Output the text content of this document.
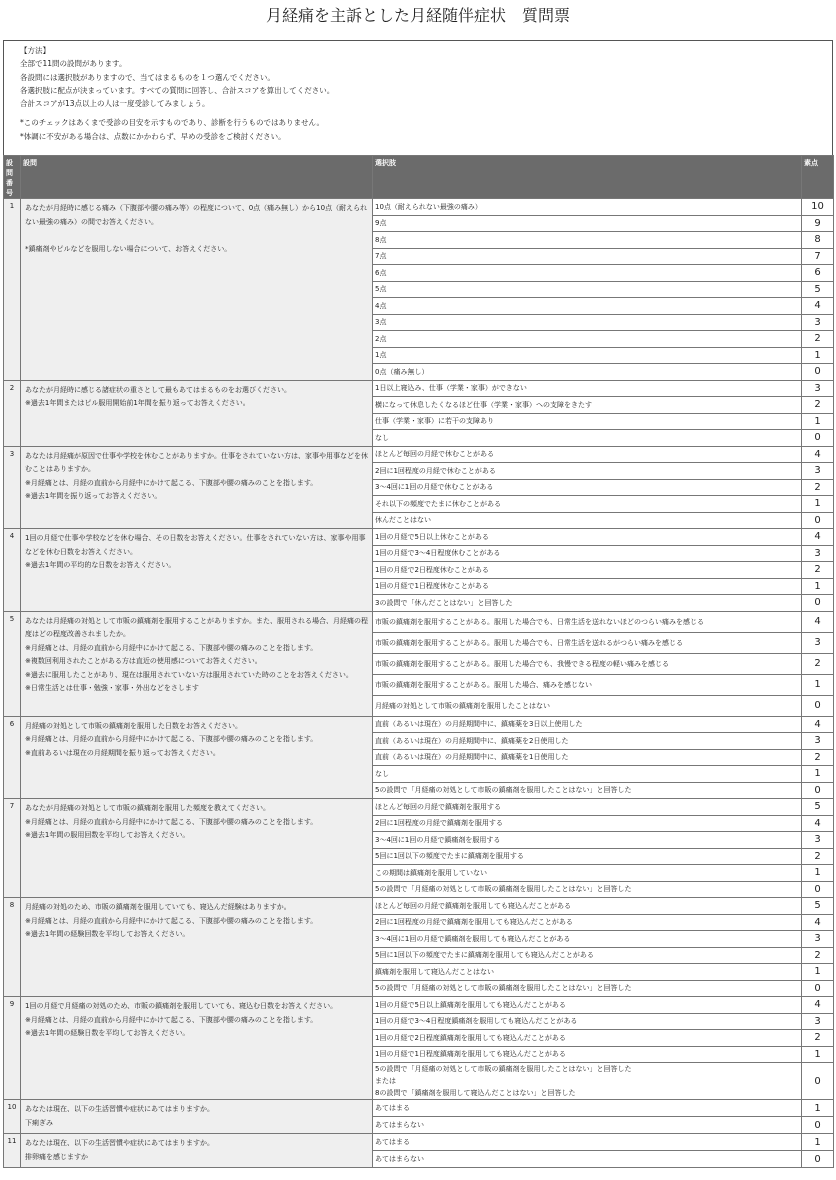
月経痛を主訴とした月経随伴症状　質問票
【方法】
全部で11問の設問があります。
各設問には選択肢がありますので、当てはまるものを１つ選んでください。
各選択肢に配点が決まっています。すべての質問に回答し、合計スコアを算出してください。
合計スコアが13点以上の人は一度受診してみましょう。
*このチェックはあくまで受診の目安を示すものであり、診断を行うものではありません。
*体調に不安がある場合は、点数にかかわらず、早めの受診をご検討ください。
設問番号	設問	選択肢	素点
1	あなたが月経時に感じる痛み（下腹部や腰の痛み等）の程度について、0点（痛み無し）から10点（耐えられない最強の痛み）の間でお答えください。

*鎮痛剤やピルなどを服用しない場合について、お答えください。	10点（耐えられない最強の痛み）	10
		9点	9
		8点	8
		7点	7
		6点	6
		5点	5
		4点	4
		3点	3
		2点	2
		1点	1
		0点（痛み無し）	0
2	あなたが月経時に感じる諸症状の重さとして最もあてはまるものをお選びください。
※過去1年間またはピル服用開始前1年間を振り返ってお答えください。	1日以上寝込み、仕事（学業・家事）ができない	3
		横になって休息したくなるほど仕事（学業・家事）への支障をきたす	2
		仕事（学業・家事）に若干の支障あり	1
		なし	0
3	あなたは月経痛が原因で仕事や学校を休むことがありますか。仕事をされていない方は、家事や用事などを休むことはありますか。
※月経痛とは、月経の直前から月経中にかけて起こる、下腹部や腰の痛みのことを指します。
※過去1年間を振り返ってお答えください。	ほとんど毎回の月経で休むことがある	4
		2回に1回程度の月経で休むことがある	3
		3～4回に1回の月経で休むことがある	2
		それ以下の頻度でたまに休むことがある	1
		休んだことはない	0
4	1回の月経で仕事や学校などを休む場合、その日数をお答えください。仕事をされていない方は、家事や用事などを休む日数をお答えください。
※過去1年間の平均的な日数をお答えください。	1回の月経で5日以上休むことがある	4
		1回の月経で3～4日程度休むことがある	3
		1回の月経で2日程度休むことがある	2
		1回の月経で1日程度休むことがある	1
		3の設問で「休んだことはない」と回答した	0
5	あなたは月経痛の対処として市販の鎮痛剤を服用することがありますか。また、服用される場合、月経痛の程度はどの程度改善されましたか。
※月経痛とは、月経の直前から月経中にかけて起こる、下腹部や腰の痛みのことを指します。
※複数回利用されたことがある方は直近の使用感についてお答えください。
※過去に服用したことがあり、現在は服用されていない方は服用されていた時のことをお答えください。
※日常生活とは仕事・勉強・家事・外出などをさします	市販の鎮痛剤を服用することがある。服用した場合でも、日常生活を送れないほどのつらい痛みを感じる	4
		市販の鎮痛剤を服用することがある。服用した場合でも、日常生活を送れるがつらい痛みを感じる	3
		市販の鎮痛剤を服用することがある。服用した場合でも、我慢できる程度の軽い痛みを感じる	2
		市販の鎮痛剤を服用することがある。服用した場合、痛みを感じない	1
		月経痛の対処として市販の鎮痛剤を服用したことはない	0
6	月経痛の対処として市販の鎮痛剤を服用した日数をお答えください。
※月経痛とは、月経の直前から月経中にかけて起こる、下腹部や腰の痛みのことを指します。
※直前あるいは現在の月経期間を振り返ってお答えください。	直前（あるいは現在）の月経期間中に、鎮痛薬を3日以上使用した	4
		直前（あるいは現在）の月経期間中に、鎮痛薬を2日使用した	3
		直前（あるいは現在）の月経期間中に、鎮痛薬を1日使用した	2
		なし	1
		5の設問で「月経痛の対処として市販の鎮痛剤を服用したことはない」と回答した	0
7	あなたが月経痛の対処として市販の鎮痛剤を服用した頻度を教えてください。
※月経痛とは、月経の直前から月経中にかけて起こる、下腹部や腰の痛みのことを指します。
※過去1年間の服用回数を平均してお答えください。	ほとんど毎回の月経で鎮痛剤を服用する	5
		2回に1回程度の月経で鎮痛剤を服用する	4
		3～4回に1回の月経で鎮痛剤を服用する	3
		5回に1回以下の頻度でたまに鎮痛剤を服用する	2
		この期間は鎮痛剤を服用していない	1
		5の設問で「月経痛の対処として市販の鎮痛剤を服用したことはない」と回答した	0
8	月経痛の対処のため、市販の鎮痛剤を服用していても、寝込んだ経験はありますか。
※月経痛とは、月経の直前から月経中にかけて起こる、下腹部や腰の痛みのことを指します。
※過去1年間の経験回数を平均してお答えください。	ほとんど毎回の月経で鎮痛剤を服用しても寝込んだことがある	5
		2回に1回程度の月経で鎮痛剤を服用しても寝込んだことがある	4
		3～4回に1回の月経で鎮痛剤を服用しても寝込んだことがある	3
		5回に1回以下の頻度でたまに鎮痛剤を服用しても寝込んだことがある	2
		鎮痛剤を服用して寝込んだことはない	1
		5の設問で「月経痛の対処として市販の鎮痛剤を服用したことはない」と回答した	0
9	1回の月経で月経痛の対処のため、市販の鎮痛剤を服用していても、寝込む日数をお答えください。
※月経痛とは、月経の直前から月経中にかけて起こる、下腹部や腰の痛みのことを指します。
※過去1年間の経験日数を平均してお答えください。	1回の月経で5日以上鎮痛剤を服用しても寝込んだことがある	4
		1回の月経で3～4日程度鎮痛剤を服用しても寝込んだことがある	3
		1回の月経で2日程度鎮痛剤を服用しても寝込んだことがある	2
		1回の月経で1日程度鎮痛剤を服用しても寝込んだことがある	1
		5の設問で「月経痛の対処として市販の鎮痛剤を服用したことはない」と回答した
または
8の設問で「鎮痛剤を服用して寝込んだことはない」と回答した	0
10	あなたは現在、以下の生活習慣や症状にあてはまりますか。
下痢ぎみ	あてはまる	1
		あてはまらない	0
11	あなたは現在、以下の生活習慣や症状にあてはまりますか。
排卵痛を感じますか	あてはまる	1
		あてはまらない	0
